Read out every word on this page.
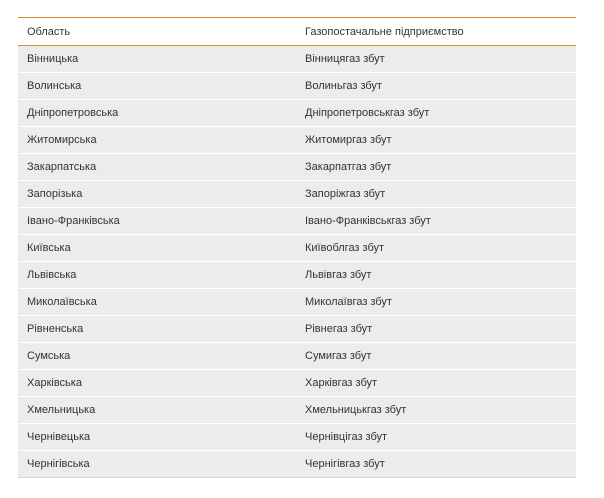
Область	Газопостачальне підприємство
Вінницька	Вінницягаз збут
Волинська	Волиньгаз збут
Дніпропетровська	Дніпропетровськгаз збут
Житомирська	Житомиргаз збут
Закарпатська	Закарпатгаз збут
Запорізька	Запоріжгаз збут
Івано-Франківська	Івано-Франківськгаз збут
Київська	Київоблгаз збут
Львівська	Львівгаз збут
Миколаївська	Миколаївгаз збут
Рівненська	Рівнегаз збут
Сумська	Сумигаз збут
Харківська	Харківгаз збут
Хмельницька	Хмельницькгаз збут
Чернівецька	Чернівцігаз збут
Чернігівська	Чернігівгаз збут
